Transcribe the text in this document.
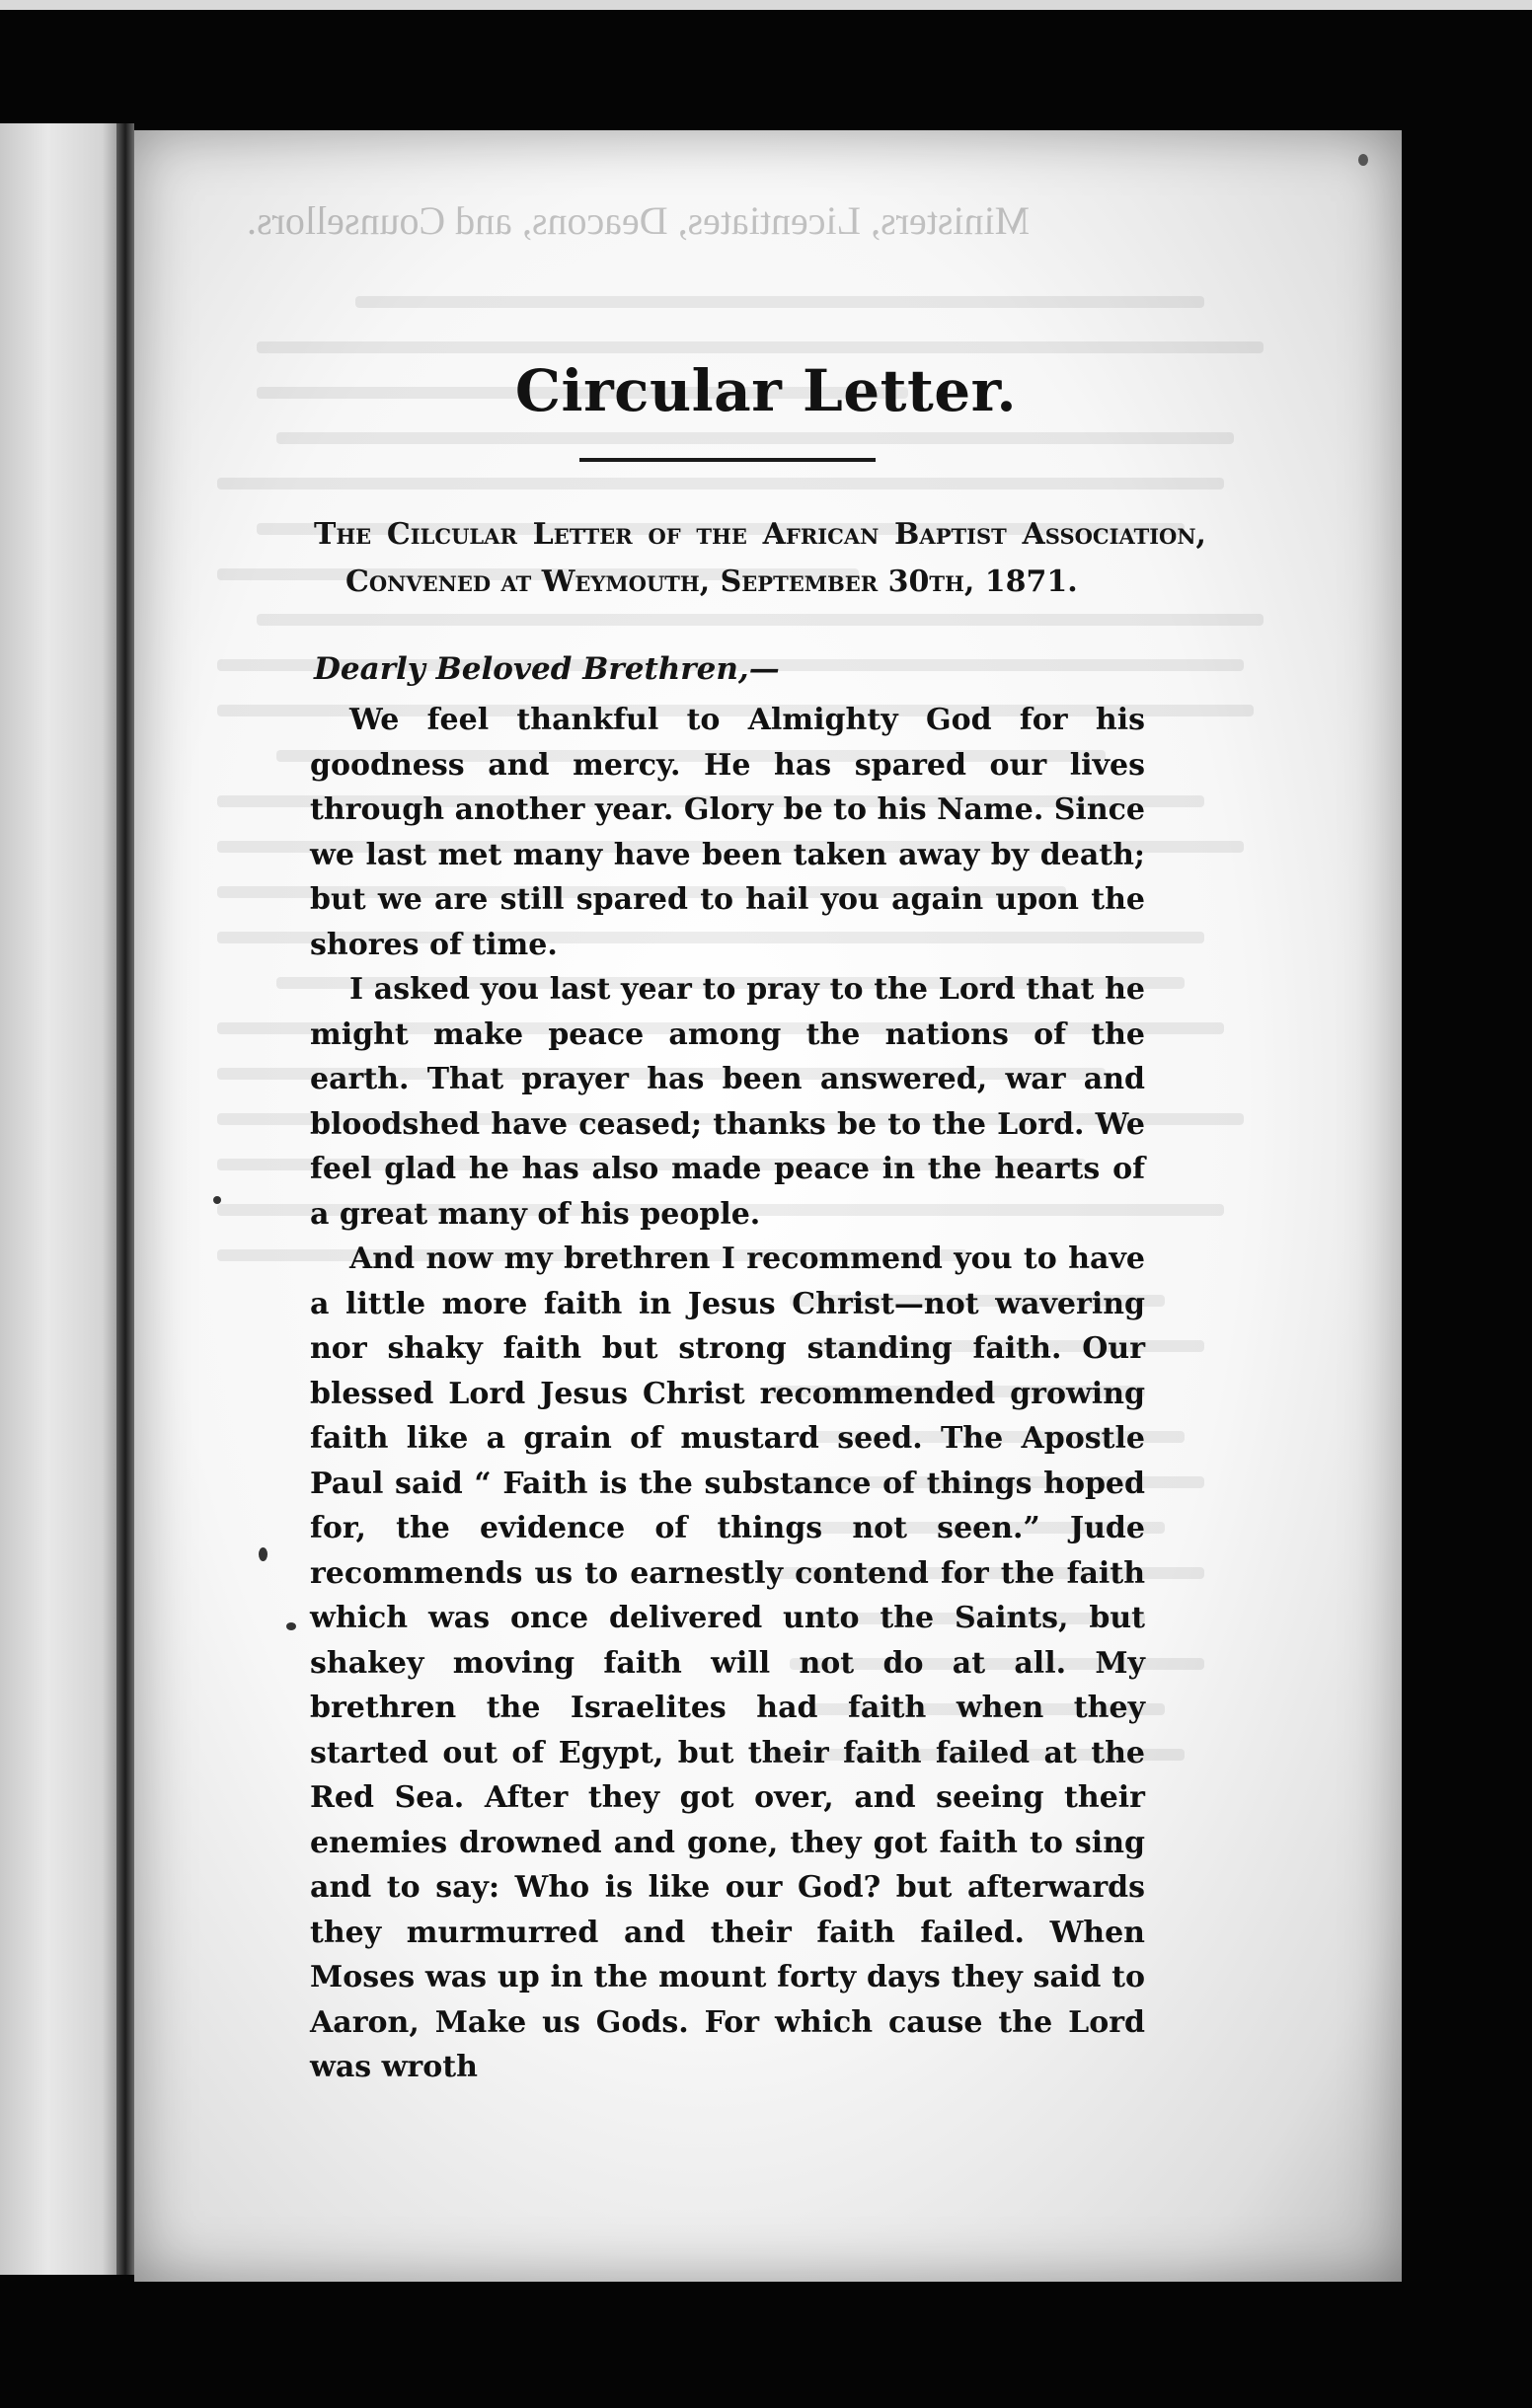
Ministers, Licentiates, Deacons, and Counsellors.
Circular Letter.

The Cilcular Letter of the African Baptist Association, Convened at Weymouth, September 30th, 1871.

Dearly Beloved Brethren,—

We feel thankful to Almighty God for his goodness and mercy. He has spared our lives through another year. Glory be to his Name. Since we last met many have been taken away by death; but we are still spared to hail you again upon the shores of time.

I asked you last year to pray to the Lord that he might make peace among the nations of the earth. That prayer has been answered, war and bloodshed have ceased; thanks be to the Lord. We feel glad he has also made peace in the hearts of a great many of his people.

And now my brethren I recommend you to have a little more faith in Jesus Christ—not wavering nor shaky faith but strong standing faith. Our blessed Lord Jesus Christ recommended growing faith like a grain of mustard seed. The Apostle Paul said “ Faith is the substance of things hoped for, the evidence of things not seen.” Jude recommends us to earnestly contend for the faith which was once delivered unto the Saints, but shakey moving faith will not do at all. My brethren the Israelites had faith when they started out of Egypt, but their faith failed at the Red Sea. After they got over, and seeing their enemies drowned and gone, they got faith to sing and to say: Who is like our God? but afterwards they murmurred and their faith failed. When Moses was up in the mount forty days they said to Aaron, Make us Gods. For which cause the Lord was wroth
